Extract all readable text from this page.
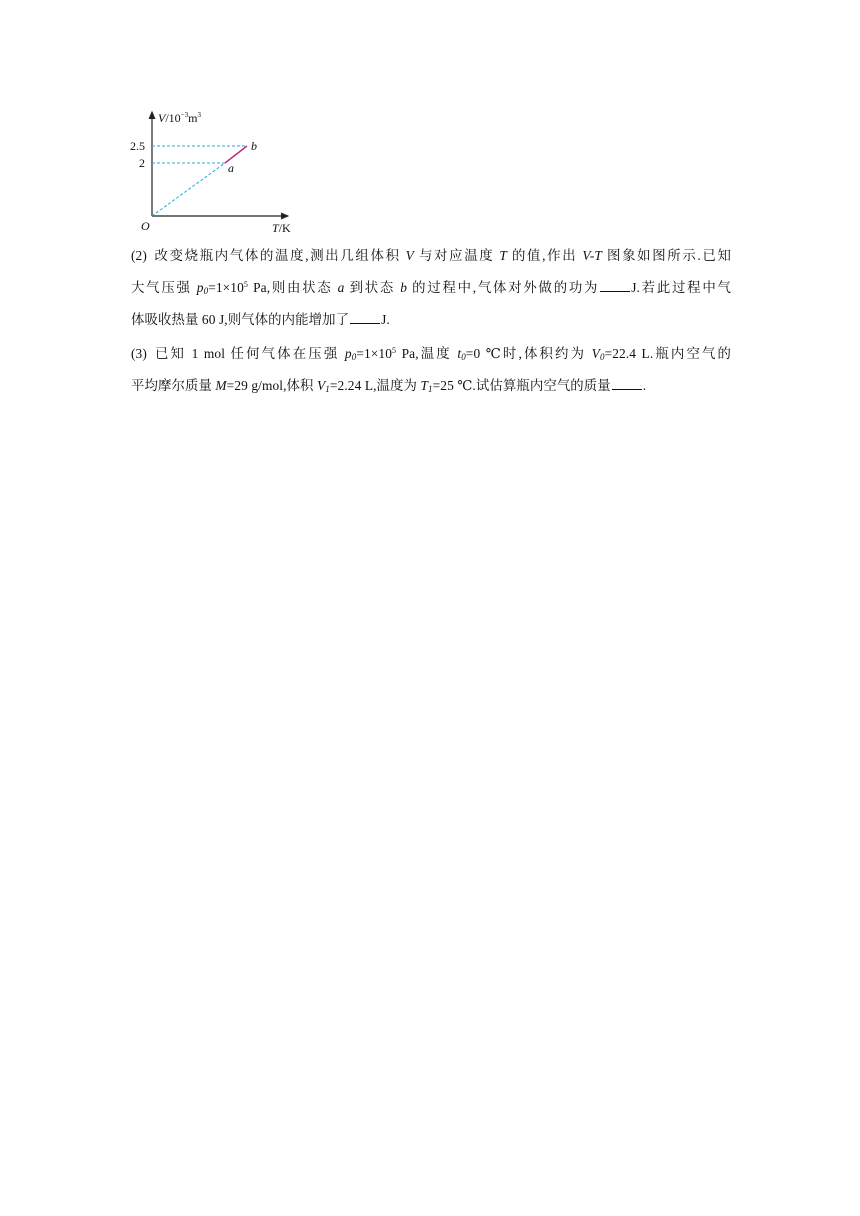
$V/10^{-3}m^3$
2.5
2
b
a
O	T/K
(2) 改变烧瓶内气体的温度,测出几组体积 V 与对应温度 T 的值,作出 V-T 图象如图所示.已知
大气压强 $p_0=1\times 10^5$ Pa,则由状态 a 到状态 b 的过程中,气体对外做的功为 J.若此过程中气
体吸收热量 60 J,则气体的内能增加了 J.
(3) 已知 1 mol 任何气体在压强 $p_0=1\times 10^5$ Pa,温度 $t_0=0$ ℃时,体积约为 $V_0=22.4$ L.瓶内空气的
平均摩尔质量 M=29 g/mol,体积 $V_1=2.24$ L,温度为 $T_1=25$ ℃.试估算瓶内空气的质量 .
